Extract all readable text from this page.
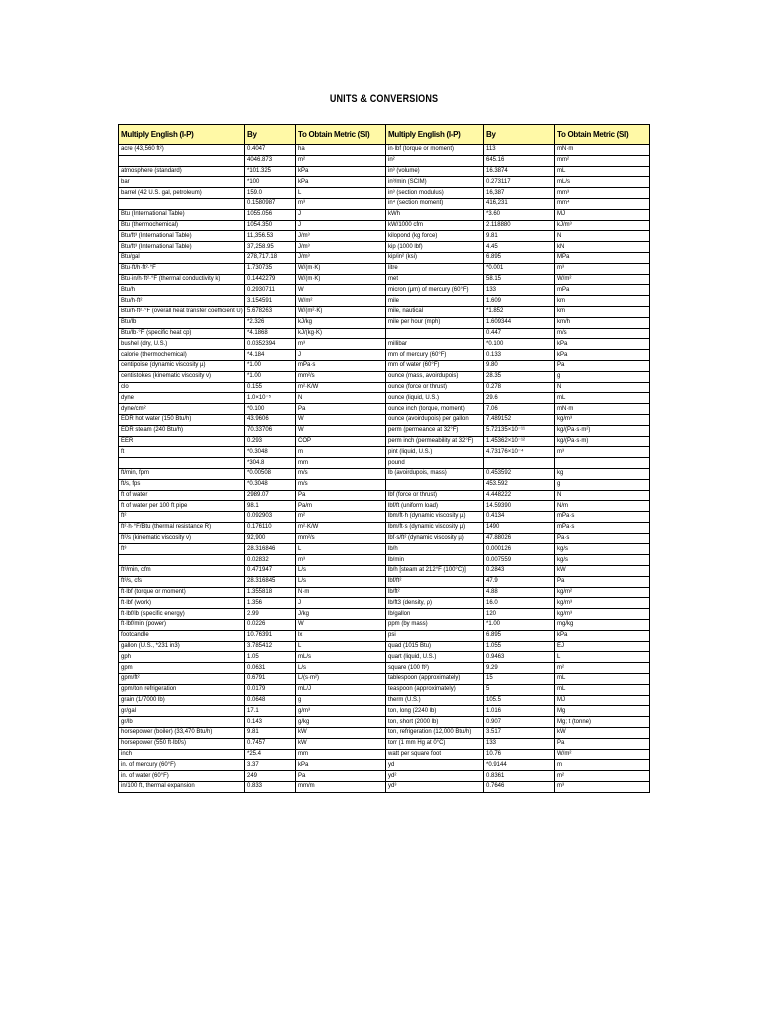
UNITS & CONVERSIONS
Multiply English (I-P)	By	To Obtain Metric (SI)	Multiply English (I-P)	By	To Obtain Metric (SI)
acre (43,560 ft²)	0.4047	ha	in·lbf (torque or moment)	113	mN·m
	4046.873	m²	in²	645.16	mm²
atmosphere (standard)	*101.325	kPa	in³ (volume)	16.3874	mL
bar	*100	kPa	in³/min (SCIM)	0.273117	mL/s
barrel (42 U.S. gal, petroleum)	159.0	L	in³ (section modulus)	16,387	mm³
	0.1580987	m³	in⁴ (section moment)	416,231	mm⁴
Btu (International Table)	1055.056	J	kWh	*3.60	MJ
Btu (thermochemical)	1054.350	J	kW/1000 cfm	2.118880	kJ/m³
Btu/ft³ (International Table)	11,356.53	J/m³	kilopond (kg force)	9.81	N
Btu/ft³ (International Table)	37,258.95	J/m³	kip (1000 lbf)	4.45	kN
Btu/gal	278,717.18	J/m³	kip/in² (ksi)	6.895	MPa
Btu·ft/h·ft²·°F	1.730735	W/(m·K)	litre	*0.001	m³
Btu·in/h·ft²·°F (thermal conductivity k)	0.1442279	W/(m·K)	met	58.15	W/m²
Btu/h	0.2930711	W	micron (µm) of mercury (60°F)	133	mPa
Btu/h·ft²	3.154591	W/m²	mile	1.609	km
Btu/h·ft²·°F (overall heat transfer coefficient U)	5.678263	W/(m²·K)	mile, nautical	*1.852	km
Btu/lb	*2.326	kJ/kg	mile per hour (mph)	1.609344	km/h
Btu/lb·°F (specific heat cp)	*4.1868	kJ/(kg·K)		0.447	m/s
bushel (dry, U.S.)	0.0352394	m³	millibar	*0.100	kPa
calorie (thermochemical)	*4.184	J	mm of mercury (60°F)	0.133	kPa
centipoise (dynamic viscosity µ)	*1.00	mPa·s	mm of water (60°F)	9.80	Pa
centistokes (kinematic viscosity ν)	*1.00	mm²/s	ounce (mass, avoirdupois)	28.35	g
clo	0.155	m²·K/W	ounce (force or thrust)	0.278	N
dyne	1.0×10⁻⁵	N	ounce (liquid, U.S.)	29.6	mL
dyne/cm²	*0.100	Pa	ounce inch (torque, moment)	7.06	mN·m
EDR hot water (150 Btu/h)	43.9606	W	ounce (avoirdupois) per gallon	7.489152	kg/m³
EDR steam (240 Btu/h)	70.33706	W	perm (permeance at 32°F)	5.72135×10⁻¹¹	kg/(Pa·s·m²)
EER	0.293	COP	perm inch (permeability at 32°F)	1.45362×10⁻¹²	kg/(Pa·s·m)
ft	*0.3048	m	pint (liquid, U.S.)	4.73176×10⁻⁴	m³
	*304.8	mm	pound		
ft/min, fpm	*0.00508	m/s	lb (avoirdupois, mass)	0.453592	kg
ft/s, fps	*0.3048	m/s		453.592	g
ft of water	2989.07	Pa	lbf (force or thrust)	4.448222	N
ft of water per 100 ft pipe	98.1	Pa/m	lbf/ft (uniform load)	14.59390	N/m
ft²	0.092903	m²	lbm/ft·h (dynamic viscosity µ)	0.4134	mPa·s
ft²·h·°F/Btu (thermal resistance R)	0.176110	m²·K/W	lbm/ft·s (dynamic viscosity µ)	1490	mPa·s
ft²/s (kinematic viscosity ν)	92,900	mm²/s	lbf·s/ft² (dynamic viscosity µ)	47.88026	Pa·s
ft³	28.316846	L	lb/h	0.000126	kg/s
	0.02832	m³	lb/min	0.007559	kg/s
ft³/min, cfm	0.471947	L/s	lb/h [steam at 212°F (100°C)]	0.2843	kW
ft³/s, cfs	28.316845	L/s	lbf/ft²	47.9	Pa
ft·lbf (torque or moment)	1.355818	N·m	lb/ft²	4.88	kg/m²
ft·lbf (work)	1.356	J	lb/ft3 (density, ρ)	16.0	kg/m³
ft·lbf/lb (specific energy)	2.99	J/kg	lb/gallon	120	kg/m³
ft·lbf/min (power)	0.0226	W	ppm (by mass)	*1.00	mg/kg
footcandle	10.76391	lx	psi	6.895	kPa
gallon (U.S., *231 in3)	3.785412	L	quad (1015 Btu)	1.055	EJ
gph	1.05	mL/s	quart (liquid, U.S.)	0.9463	L
gpm	0.0631	L/s	square (100 ft²)	9.29	m²
gpm/ft²	0.6791	L/(s·m²)	tablespoon (approximately)	15	mL
gpm/ton refrigeration	0.0179	mL/J	teaspoon (approximately)	5	mL
grain (1/7000 lb)	0.0648	g	therm (U.S.)	105.5	MJ
gr/gal	17.1	g/m³	ton, long (2240 lb)	1.016	Mg
gr/lb	0.143	g/kg	ton, short (2000 lb)	0.907	Mg; t (tonne)
horsepower (boiler) (33,470 Btu/h)	9.81	kW	ton, refrigeration (12,000 Btu/h)	3.517	kW
horsepower (550 ft·lbf/s)	0.7457	kW	torr (1 mm Hg at 0°C)	133	Pa
inch	*25.4	mm	watt per square foot	10.76	W/m²
in. of mercury (60°F)	3.37	kPa	yd	*0.9144	m
in. of water (60°F)	249	Pa	yd²	0.8361	m²
in/100 ft, thermal expansion	0.833	mm/m	yd³	0.7646	m³
